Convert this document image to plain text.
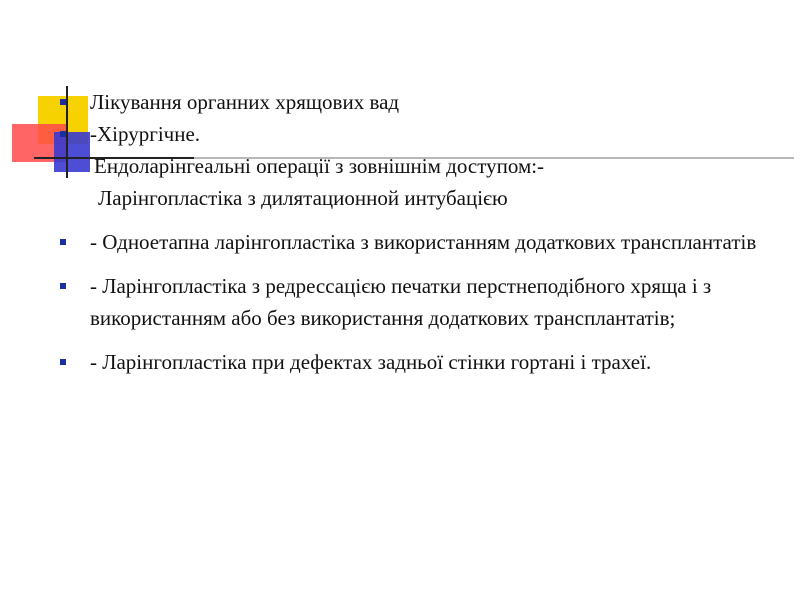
Лікування органних хрящових вад
-Хірургічне.
Ендоларінгеальні операції з зовнішнім доступом:-
Ларінгопластіка з дилятационной интубацією
- Одноетапна ларінгопластіка з використанням додаткових трансплантатів
- Ларінгопластіка з редрессацією печатки перстнеподібного хряща і з використанням або без використання додаткових трансплантатів;
- Ларінгопластіка при дефектах задньої стінки гортані і трахеї.
